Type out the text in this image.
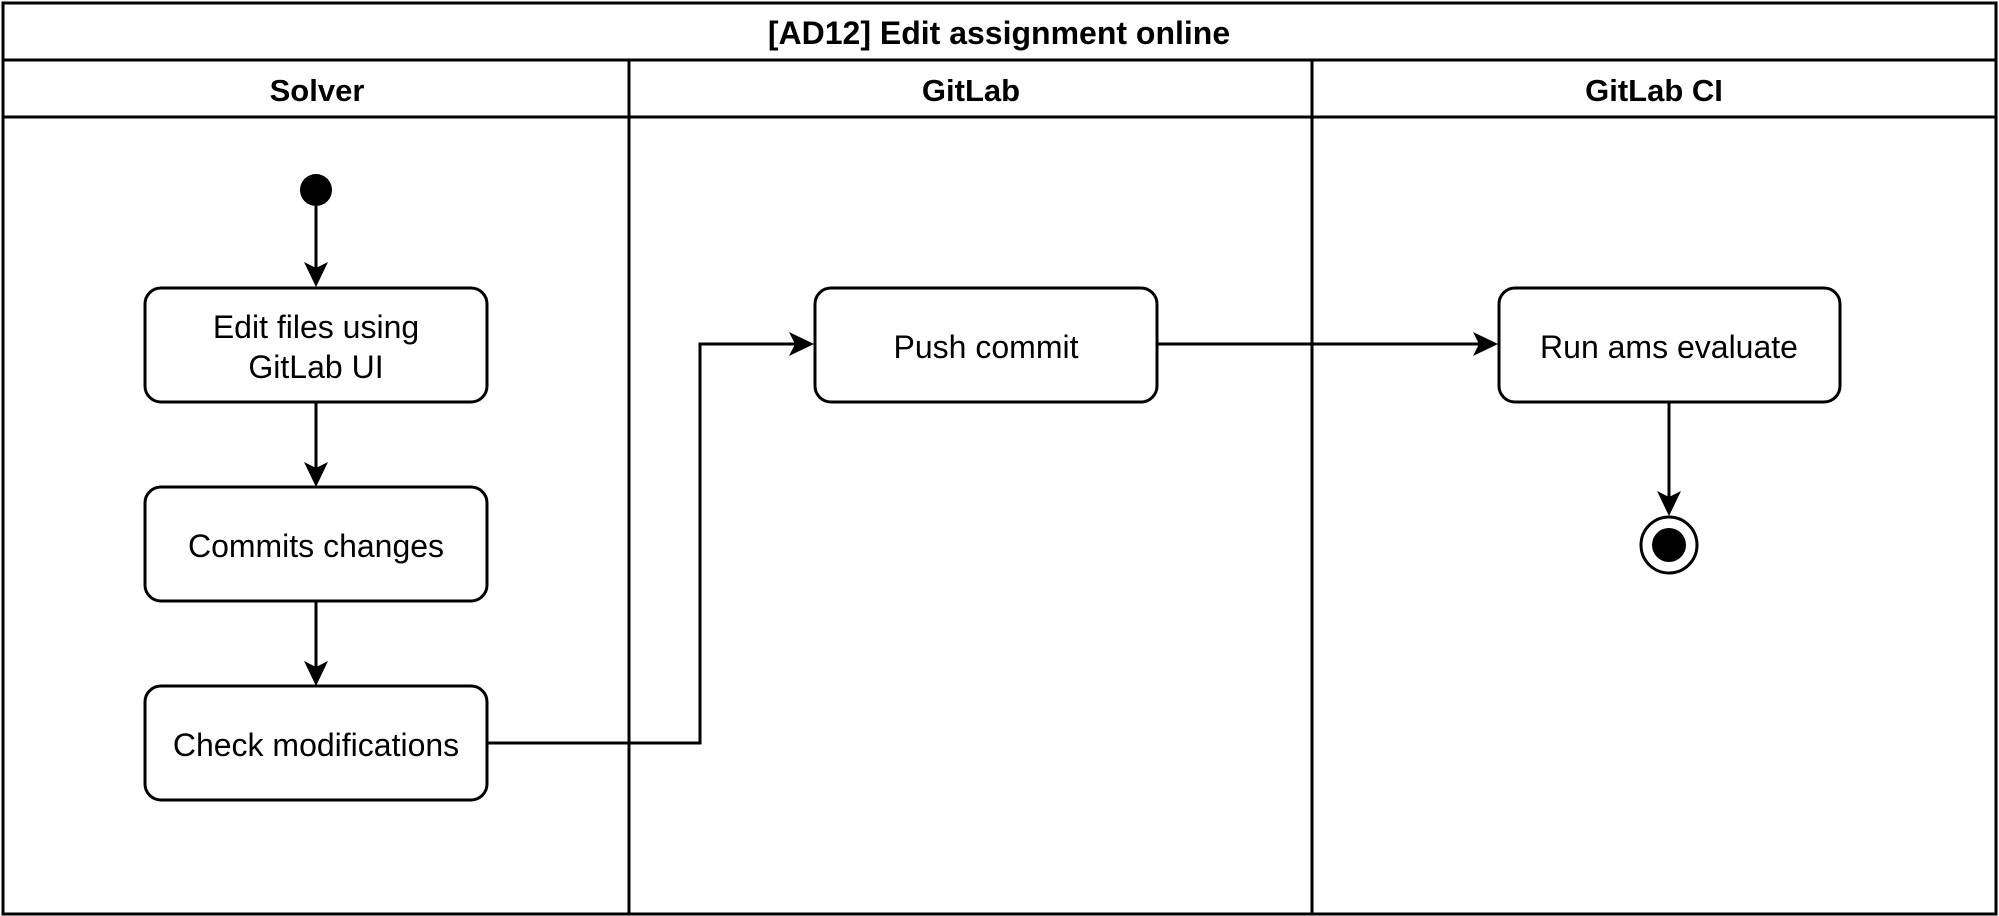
[AD12] Edit assignment online
Solver	GitLab	GitLab CI
Edit files using
GitLab UI
Commits changes
Check modifications
Push commit	Run ams evaluate
